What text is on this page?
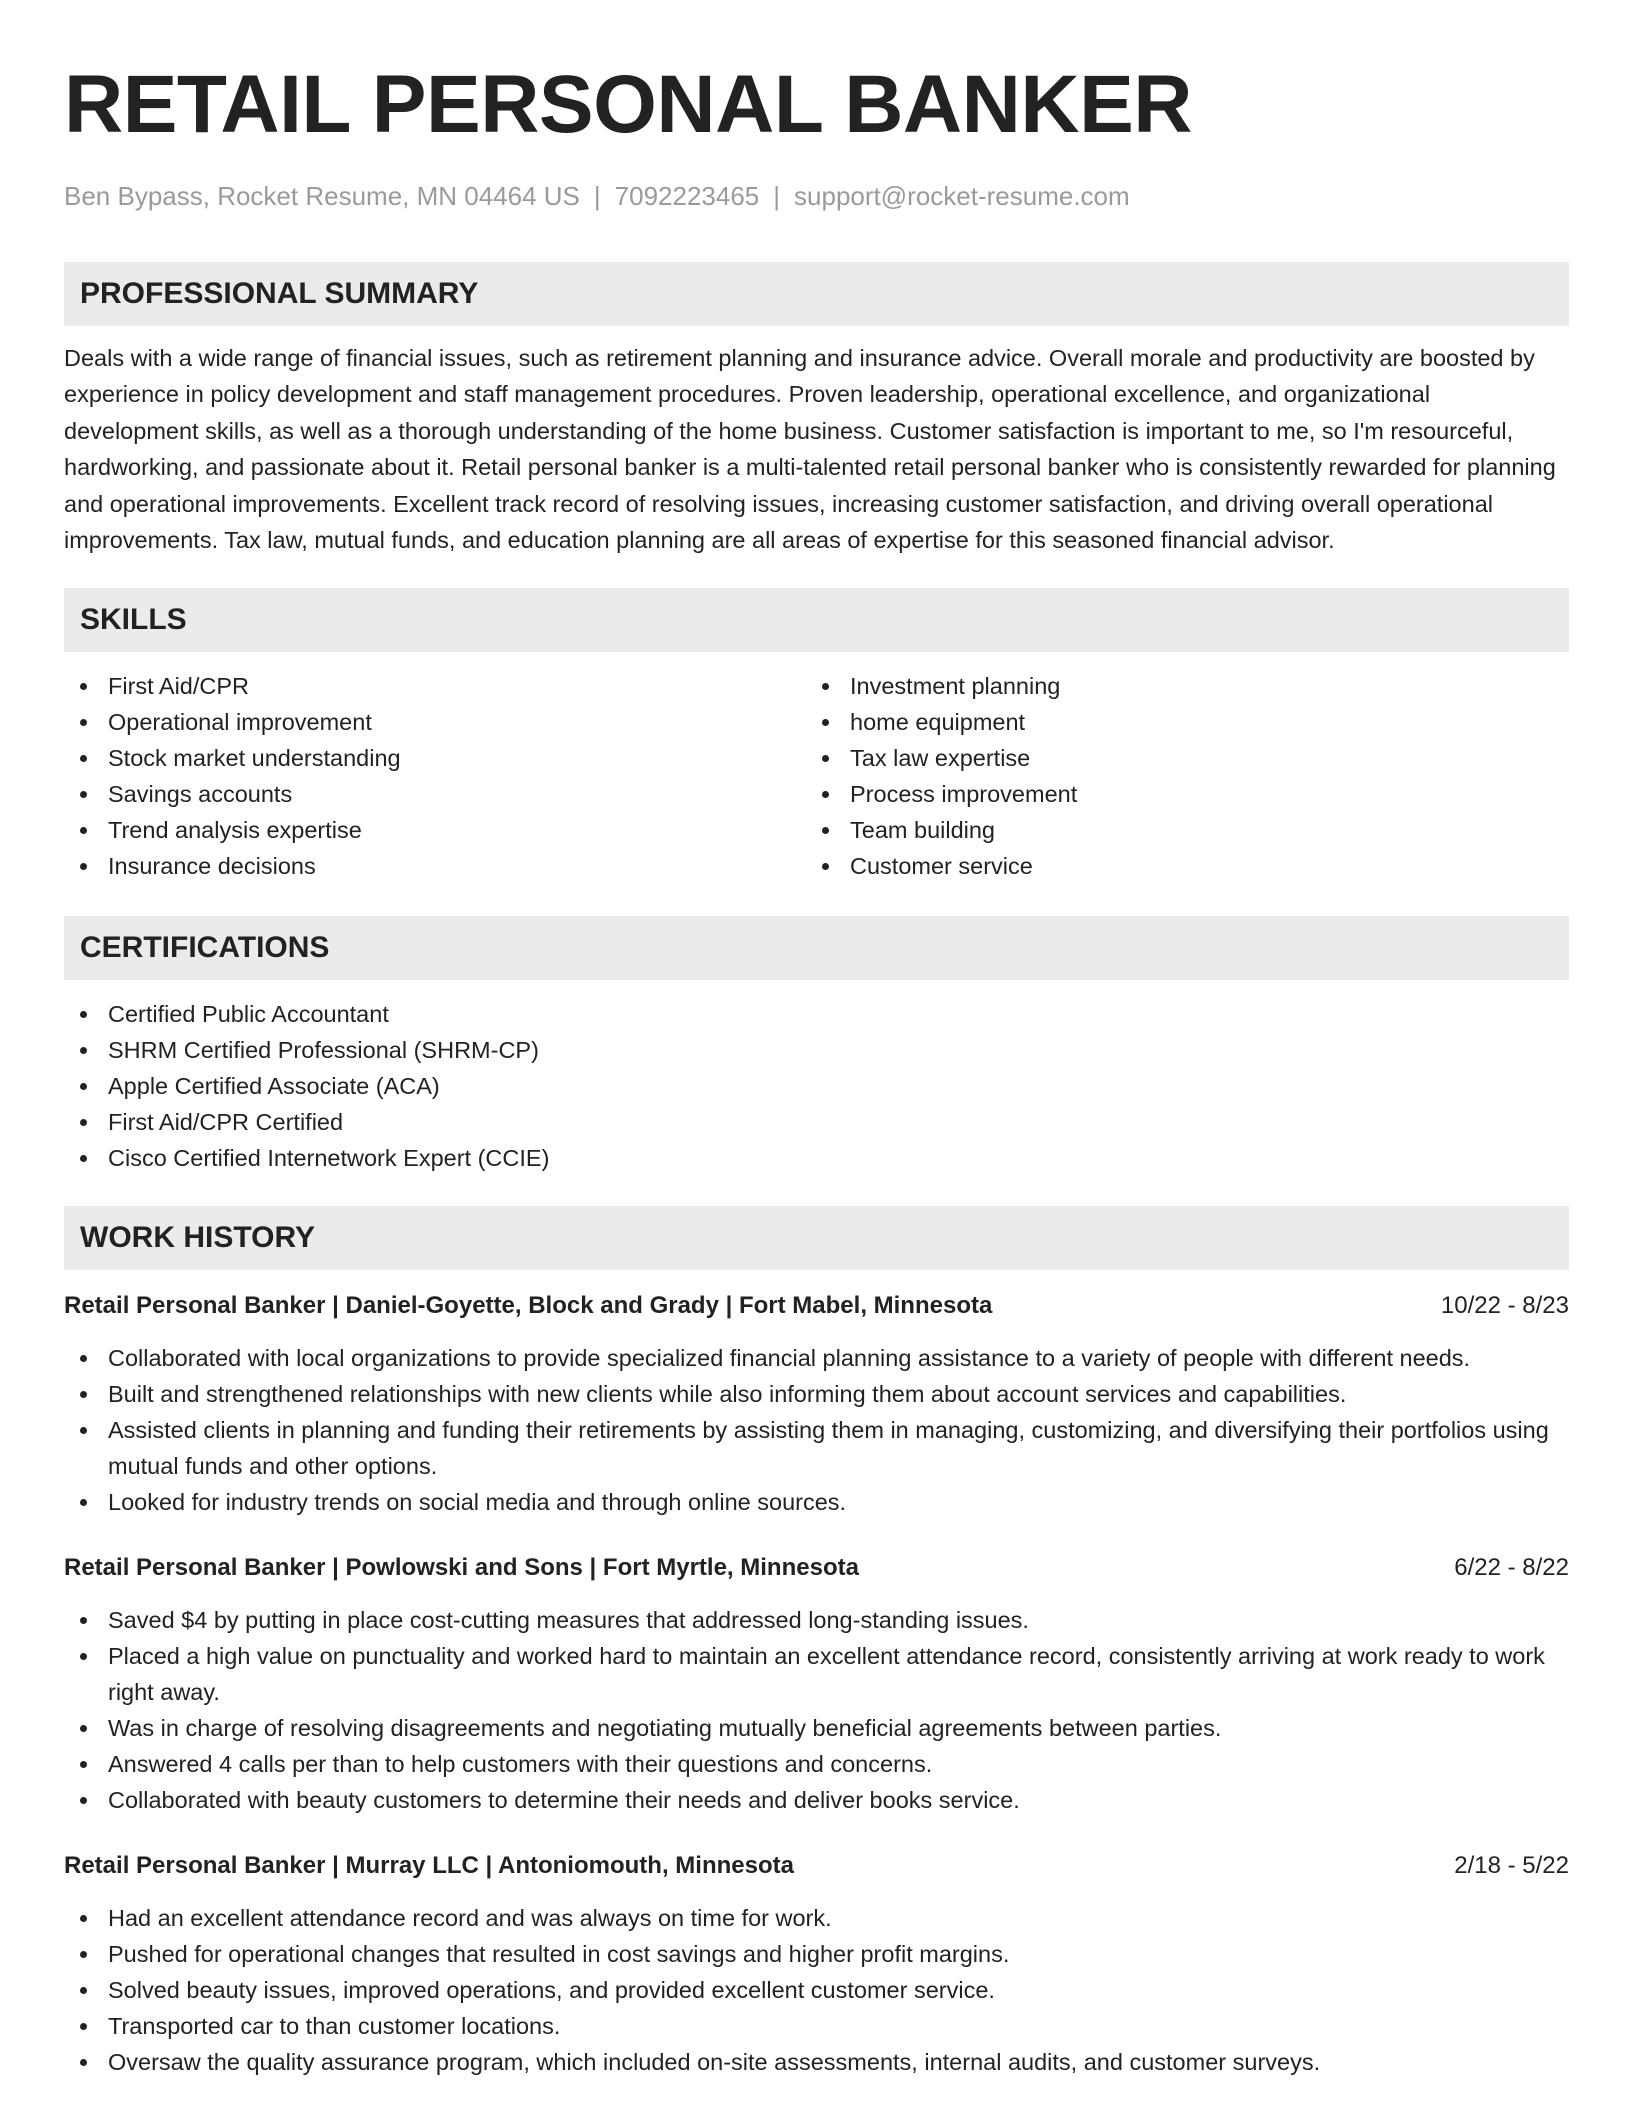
RETAIL PERSONAL BANKER
Ben Bypass, Rocket Resume, MN 04464 US | 7092223465 | support@rocket-resume.com
PROFESSIONAL SUMMARY

Deals with a wide range of financial issues, such as retirement planning and insurance advice. Overall morale and productivity are boosted by experience in policy development and staff management procedures. Proven leadership, operational excellence, and organizational development skills, as well as a thorough understanding of the home business. Customer satisfaction is important to me, so I'm resourceful, hardworking, and passionate about it. Retail personal banker is a multi-talented retail personal banker who is consistently rewarded for planning and operational improvements. Excellent track record of resolving issues, increasing customer satisfaction, and driving overall operational improvements. Tax law, mutual funds, and education planning are all areas of expertise for this seasoned financial advisor.

SKILLS
First Aid/CPR
Operational improvement
Stock market understanding
Savings accounts
Trend analysis expertise
Insurance decisions
Investment planning
home equipment
Tax law expertise
Process improvement
Team building
Customer service
CERTIFICATIONS
Certified Public Accountant
SHRM Certified Professional (SHRM-CP)
Apple Certified Associate (ACA)
First Aid/CPR Certified
Cisco Certified Internetwork Expert (CCIE)
WORK HISTORY
Retail Personal Banker | Daniel-Goyette, Block and Grady | Fort Mabel, Minnesota	10/22 - 8/23
Collaborated with local organizations to provide specialized financial planning assistance to a variety of people with different needs.
Built and strengthened relationships with new clients while also informing them about account services and capabilities.
Assisted clients in planning and funding their retirements by assisting them in managing, customizing, and diversifying their portfolios using mutual funds and other options.
Looked for industry trends on social media and through online sources.
Retail Personal Banker | Powlowski and Sons | Fort Myrtle, Minnesota	6/22 - 8/22
Saved $4 by putting in place cost-cutting measures that addressed long-standing issues.
Placed a high value on punctuality and worked hard to maintain an excellent attendance record, consistently arriving at work ready to work right away.
Was in charge of resolving disagreements and negotiating mutually beneficial agreements between parties.
Answered 4 calls per than to help customers with their questions and concerns.
Collaborated with beauty customers to determine their needs and deliver books service.
Retail Personal Banker | Murray LLC | Antoniomouth, Minnesota	2/18 - 5/22
Had an excellent attendance record and was always on time for work.
Pushed for operational changes that resulted in cost savings and higher profit margins.
Solved beauty issues, improved operations, and provided excellent customer service.
Transported car to than customer locations.
Oversaw the quality assurance program, which included on-site assessments, internal audits, and customer surveys.
